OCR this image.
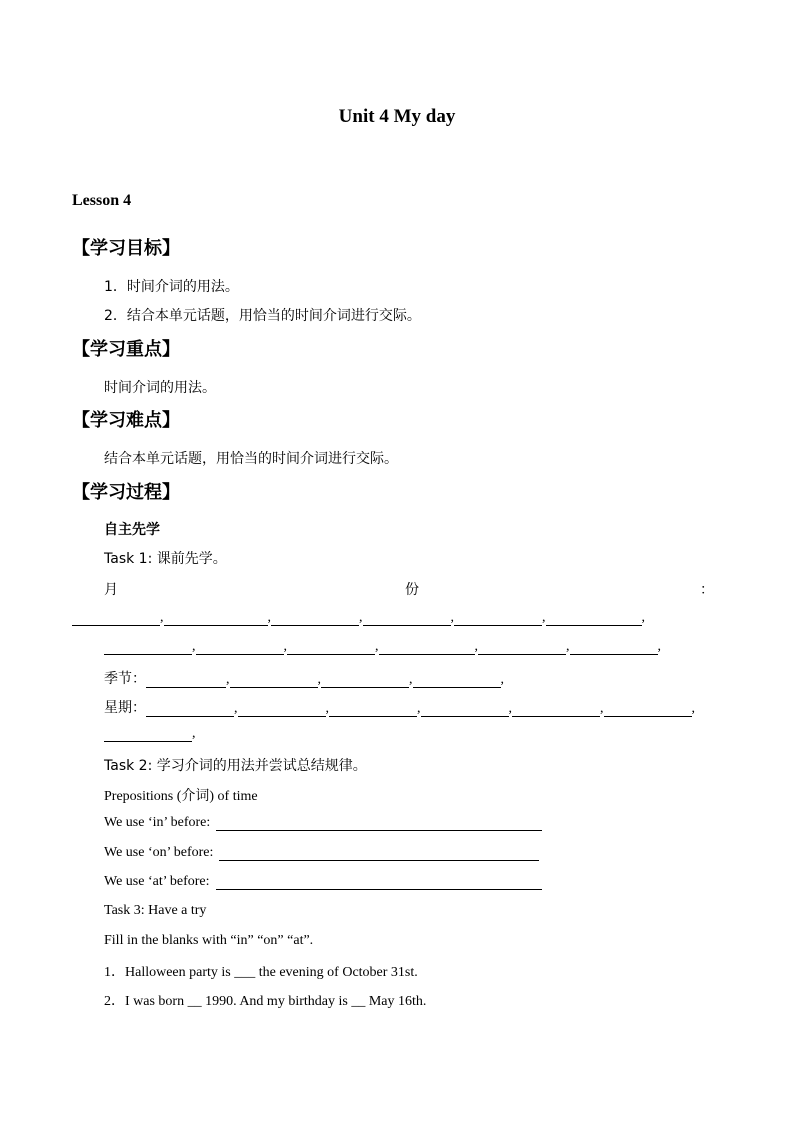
Unit 4 My day
Lesson 4
【学习目标】
1．时间介词的用法。
2．结合本单元话题，用恰当的时间介词进行交际。
【学习重点】
时间介词的用法。
【学习难点】
结合本单元话题，用恰当的时间介词进行交际。
【学习过程】
自主先学
Task 1: 课前先学。
月	份	：
,	,	,	,	,	,
,	,	,	,	,	,
季节：	,	,	,	,
星期：	,	,	,	,	,	,
,
Task 2: 学习介词的用法并尝试总结规律。
Prepositions (介词) of time
We use ‘in’ before:
We use ‘on’ before:
We use ‘at’ before:
Task 3: Have a try
Fill in the blanks with “in” “on” “at”.
1．Halloween party is ___ the evening of October 31st.
2．I was born __ 1990. And my birthday is __ May 16th.
